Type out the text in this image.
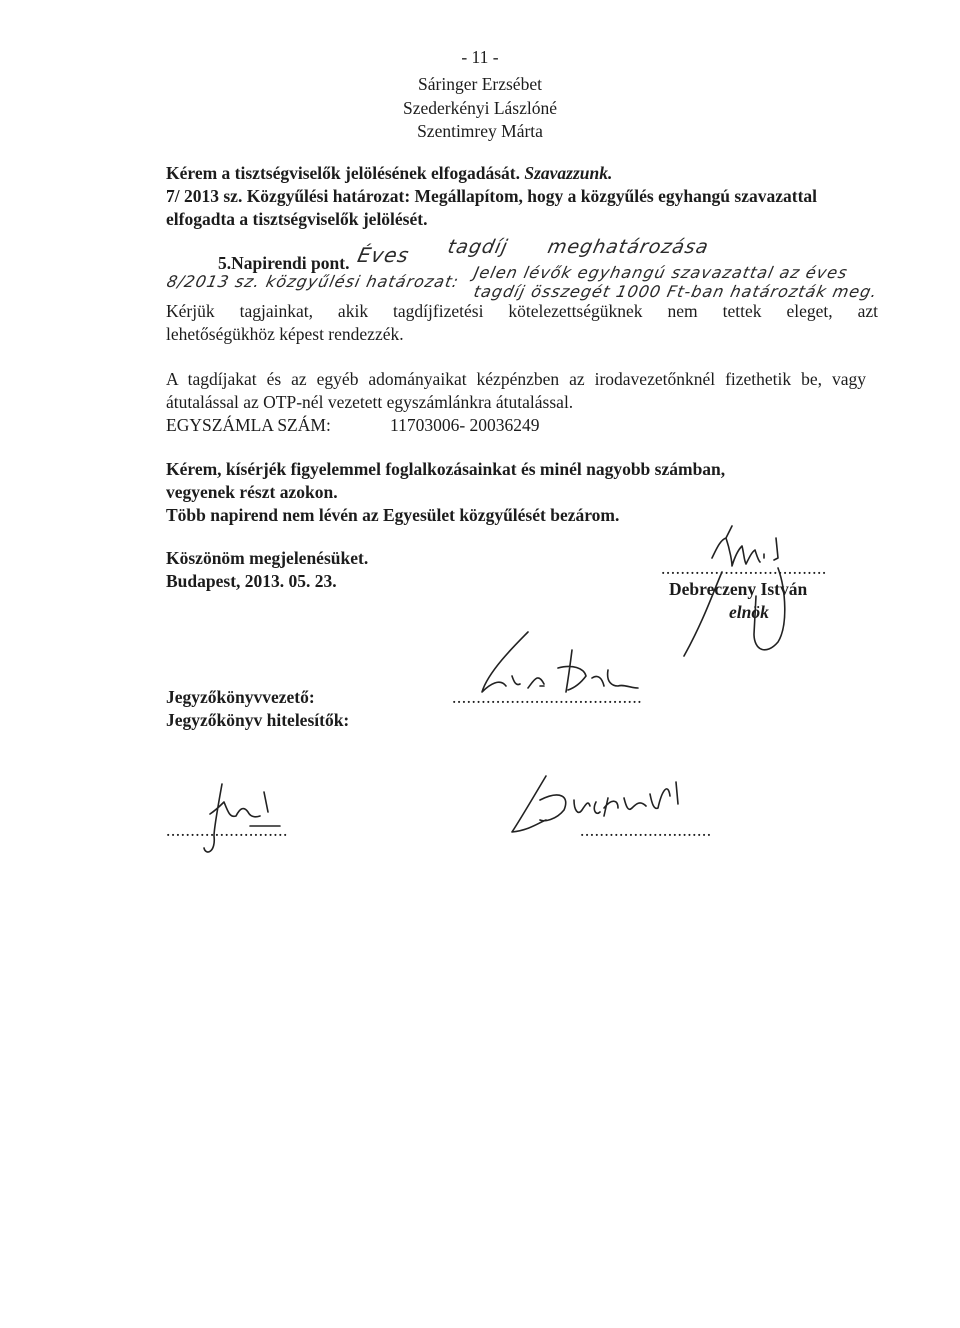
- 11 -
Sáringer Erzsébet
Szederkényi Lászlóné
Szentimrey Márta
Kérem a tisztségviselők jelölésének elfogadását. Szavazzunk.
7/ 2013 sz. Közgyűlési határozat: Megállapítom, hogy a közgyűlés egyhangú szavazattal
elfogadta a tisztségviselők jelölését.
5.Napirendi pont. Éves tagdíj meghatározása
8/2013 sz. közgyűlési határozat: Jelen lévők egyhangú szavazattal az éves
tagdíj összegét 1000 Ft-ban határozták meg.
Kérjük tagjainkat, akik tagdíjfizetési kötelezettségüknek nem tettek eleget, azt
lehetőségükhöz képest rendezzék.
A tagdíjakat és az egyéb adományaikat kézpénzben az irodavezetőnknél fizethetik be, vagy
átutalással az OTP-nél vezetett egyszámlánkra átutalással.
EGYSZÁMLA SZÁM:	11703006- 20036249
Kérem, kísérjék figyelemmel foglalkozásainkat és minél nagyobb számban,
vegyenek részt azokon.
Több napirend nem lévén az Egyesület közgyűlését bezárom.
Köszönöm megjelenésüket.
Budapest, 2013. 05. 23.
..................................
Debreczeny István
elnök
Jegyzőkönyvvezető:
Jegyzőkönyv hitelesítők:
.......................................
.........................	...........................
